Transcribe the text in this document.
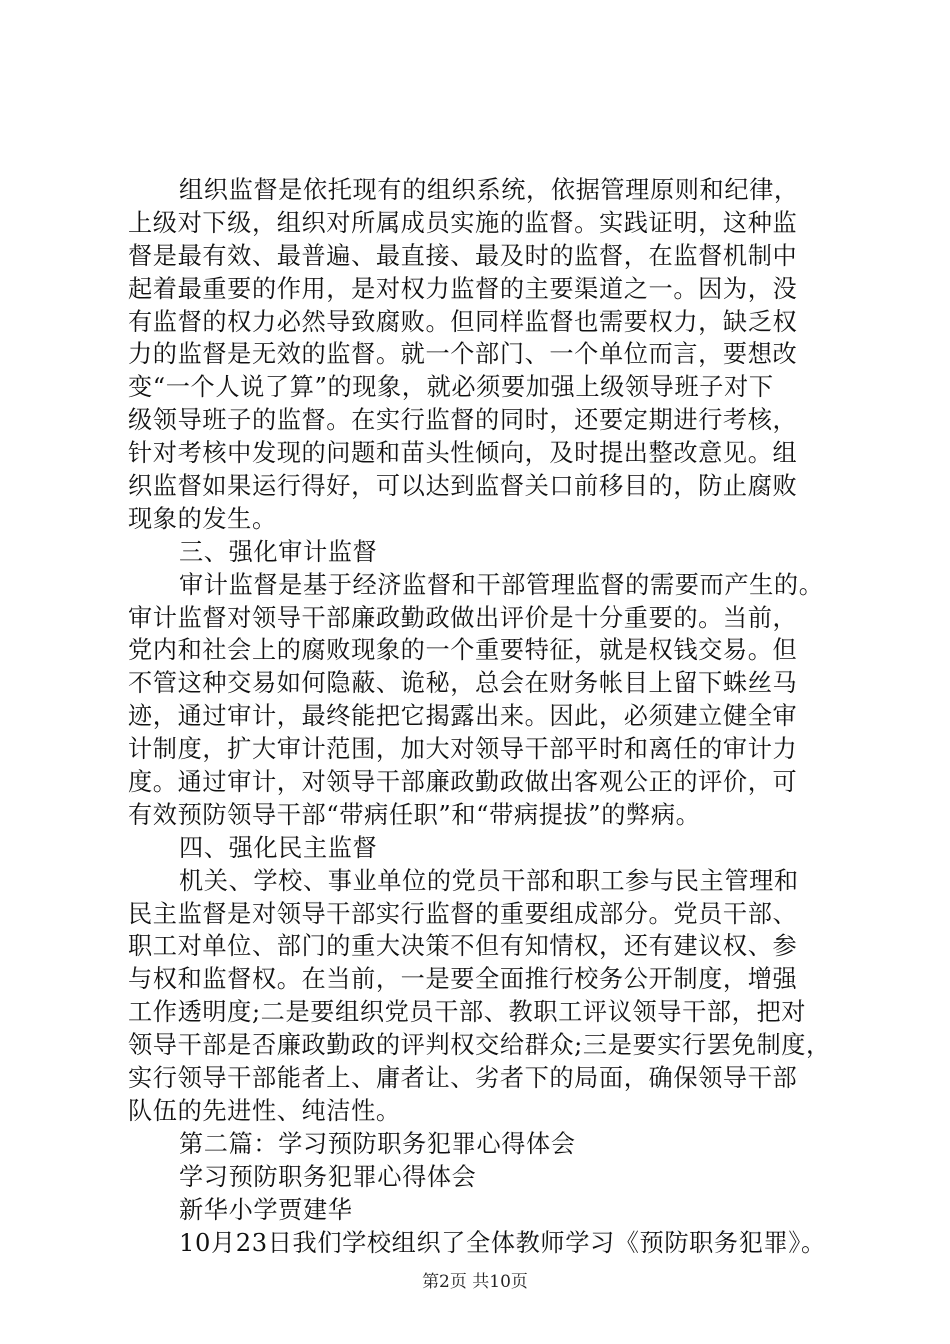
组织监督是依托现有的组织系统，依据管理原则和纪律，
上级对下级，组织对所属成员实施的监督。实践证明，这种监
督是最有效、最普遍、最直接、最及时的监督，在监督机制中
起着最重要的作用，是对权力监督的主要渠道之一。因为，没
有监督的权力必然导致腐败。但同样监督也需要权力，缺乏权
力的监督是无效的监督。就一个部门、一个单位而言，要想改
变“一个人说了算”的现象，就必须要加强上级领导班子对下
级领导班子的监督。在实行监督的同时，还要定期进行考核，
针对考核中发现的问题和苗头性倾向，及时提出整改意见。组
织监督如果运行得好，可以达到监督关口前移目的，防止腐败
现象的发生。
三、强化审计监督
审计监督是基于经济监督和干部管理监督的需要而产生的。
审计监督对领导干部廉政勤政做出评价是十分重要的。当前，
党内和社会上的腐败现象的一个重要特征，就是权钱交易。但
不管这种交易如何隐蔽、诡秘，总会在财务帐目上留下蛛丝马
迹，通过审计，最终能把它揭露出来。因此，必须建立健全审
计制度，扩大审计范围，加大对领导干部平时和离任的审计力
度。通过审计，对领导干部廉政勤政做出客观公正的评价，可
有效预防领导干部“带病任职”和“带病提拔”的弊病。
四、强化民主监督
机关、学校、事业单位的党员干部和职工参与民主管理和
民主监督是对领导干部实行监督的重要组成部分。党员干部、
职工对单位、部门的重大决策不但有知情权，还有建议权、参
与权和监督权。在当前，一是要全面推行校务公开制度，增强
工作透明度;二是要组织党员干部、教职工评议领导干部，把对
领导干部是否廉政勤政的评判权交给群众;三是要实行罢免制度，
实行领导干部能者上、庸者让、劣者下的局面，确保领导干部
队伍的先进性、纯洁性。
第二篇：学习预防职务犯罪心得体会
学习预防职务犯罪心得体会
新华小学贾建华
10月23日我们学校组织了全体教师学习《预防职务犯罪》。
第2页 共10页
